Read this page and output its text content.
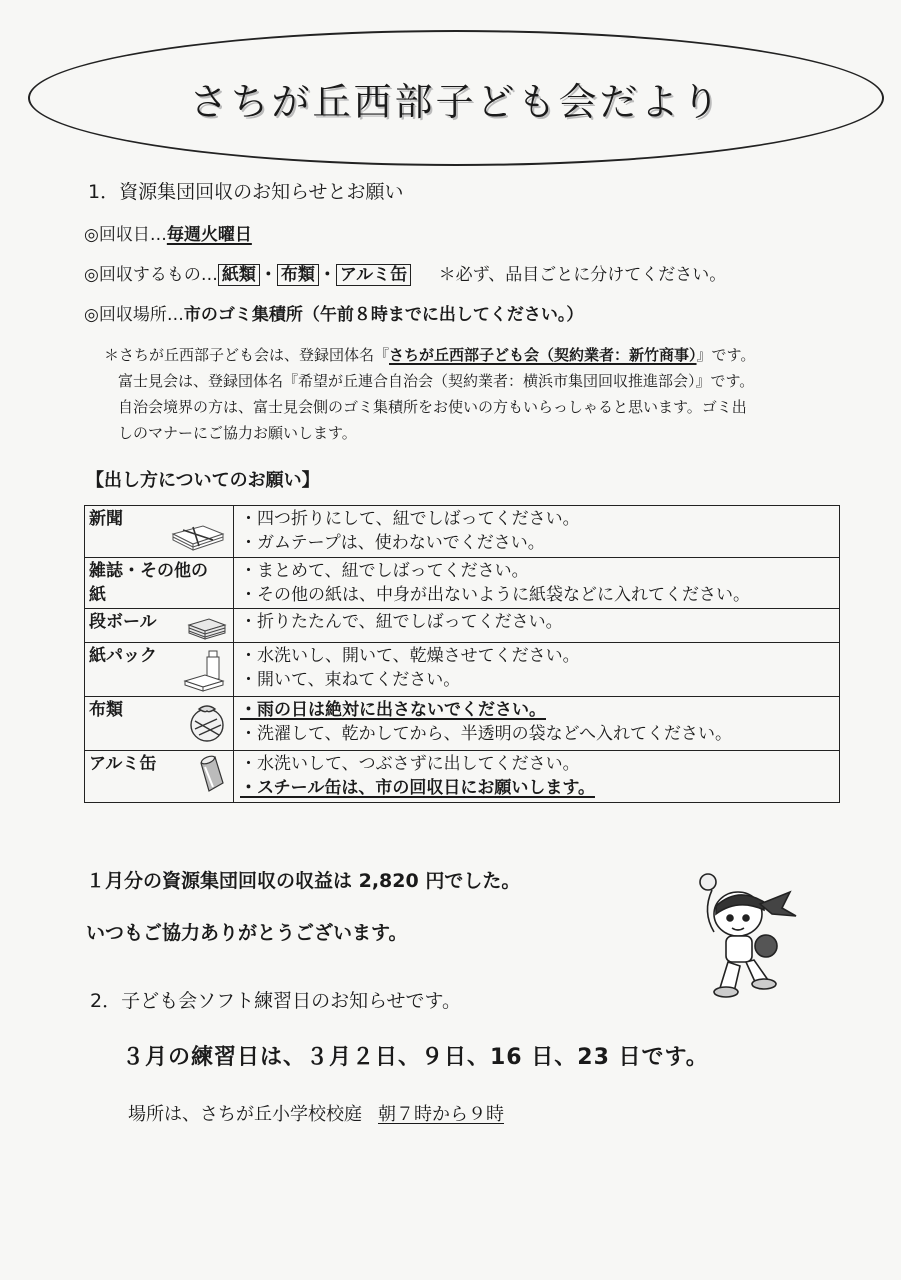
さちが丘西部子ども会だより
1．資源集団回収のお知らせとお願い
◎回収日…毎週火曜日
◎回収するもの… 紙類 ・ 布類 ・ アルミ缶 ＊必ず、品目ごとに分けてください。
◎回収場所…市のゴミ集積所（午前８時までに出してください。）
＊さちが丘西部子ども会は、登録団体名『さちが丘西部子ども会（契約業者：新竹商事）』です。
富士見会は、登録団体名『希望が丘連合自治会（契約業者：横浜市集団回収推進部会）』です。
自治会境界の方は、富士見会側のゴミ集積所をお使いの方もいらっしゃると思います。ゴミ出
しのマナーにご協力お願いします。
【出し方についてのお願い】
新聞	・四つ折りにして、紐でしばってください。
・ガムテープは、使わないでください。

雑誌・その他の紙	・まとめて、紐でしばってください。
・その他の紙は、中身が出ないように紙袋などに入れてください。

段ボール	・折りたたんで、紐でしばってください。

紙パック	・水洗いし、開いて、乾燥させてください。
・開いて、束ねてください。

布類	・雨の日は絶対に出さないでください。
・洗濯して、乾かしてから、半透明の袋などへ入れてください。

アルミ缶	・水洗いして、つぶさずに出してください。
・スチール缶は、市の回収日にお願いします。
１月分の資源集団回収の収益は 2,820 円でした。
いつもご協力ありがとうございます。
2．子ども会ソフト練習日のお知らせです。
３月の練習日は、３月２日、９日、16 日、23 日です。
場所は、さちが丘小学校校庭 朝７時から９時
